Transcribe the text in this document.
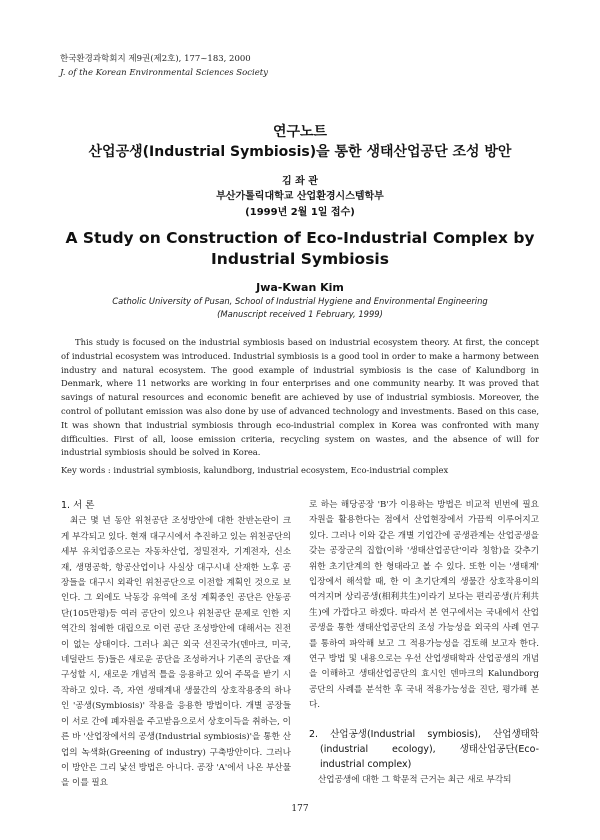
한국환경과학회지 제9권(제2호), 177~183, 2000
J. of the Korean Environmental Sciences Society
연구노트
산업공생(Industrial Symbiosis)을 통한 생태산업공단 조성 방안
김 좌 관
부산가톨릭대학교 산업환경시스템학부
(1999년 2월 1일 접수)
A Study on Construction of Eco-Industrial Complex by
Industrial Symbiosis
Jwa-Kwan Kim
Catholic University of Pusan, School of Industrial Hygiene and Environmental Engineering
(Manuscript received 1 February, 1999)
This study is focused on the industrial symbiosis based on industrial ecosystem theory. At first, the concept of industrial ecosystem was introduced. Industrial symbiosis is a good tool in order to make a harmony between industry and natural ecosystem. The good example of industrial symbiosis is the case of Kalundborg in Denmark, where 11 networks are working in four enterprises and one community nearby. It was proved that savings of natural resources and economic benefit are achieved by use of industrial symbiosis. Moreover, the control of pollutant emission was also done by use of advanced technology and investments. Based on this case, It was shown that industrial symbiosis through eco-industrial complex in Korea was confronted with many difficulties. First of all, loose emission criteria, recycling system on wastes, and the absence of will for industrial symbiosis should be solved in Korea.
Key words : industrial symbiosis, kalundborg, industrial ecosystem, Eco-industrial complex
1. 서 론

최근 몇 년 동안 위천공단 조성방안에 대한 찬반논란이 크게 부각되고 있다. 현재 대구시에서 추진하고 있는 위천공단의 세부 유치업종으로는 자동차산업, 정밀전자, 기계전자, 신소재, 생명공학, 항공산업이나 사실상 대구시내 산재한 노후 공장들을 대구시 외곽인 위천공단으로 이전할 계획인 것으로 보인다. 그 외에도 낙동강 유역에 조성 계획중인 공단은 안동공단(105만평)등 여러 공단이 있으나 위천공단 문제로 인한 지역간의 첨예한 대립으로 이런 공단 조성방안에 대해서는 진전이 없는 상태이다. 그러나 최근 외국 선진국가(덴마크, 미국, 네덜란드 등)들은 새로운 공단을 조성하거나 기존의 공단을 재구성할 시, 새로운 개념적 틀을 응용하고 있어 주목을 받기 시작하고 있다. 즉, 자연 생태계내 생물간의 상호작용중의 하나인 '공생(Symbiosis)' 작용을 응용한 방법이다. 개별 공장들이 서로 간에 폐자원을 주고받음으로서 상호이득을 취하는, 이른 바 '산업장에서의 공생(Industrial symbiosis)'을 통한 산업의 녹색화(Greening of industry) 구축방안이다. 그러나 이 방안은 그리 낯선 방법은 아니다. 공장 'A'에서 나온 부산물을 이를 필요

로 하는 해당공장 'B'가 이용하는 방법은 비교적 빈번에 필요 자원을 활용한다는 점에서 산업현장에서 가끔씩 이루어지고 있다. 그러나 이와 같은 개별 기업간에 공생관계는 산업공생을 갖는 공장군의 집합(이하 '생태산업공단'이라 칭함)을 갖추기 위한 초기단계의 한 형태라고 볼 수 있다. 또한 이는 '생태계' 입장에서 해석할 때, 한 이 초기단계의 생물간 상호작용이의 여겨지며 상리공생(相利共生)이라기 보다는 편리공생(片利共生)에 가깝다고 하겠다. 따라서 본 연구에서는 국내에서 산업공생을 통한 생태산업공단의 조성 가능성을 외국의 사례 연구를 통하여 파악해 보고 그 적용가능성을 검토해 보고자 한다. 연구 방법 및 내용으로는 우선 산업생태학과 산업공생의 개념을 이해하고 생태산업공단의 효시인 덴마크의 Kalundborg공단의 사례를 분석한 후 국내 적용가능성을 진단, 평가해 본다.

2. 산업공생(Industrial symbiosis), 산업생태학(industrial ecology), 생태산업공단(Eco-industrial complex)

산업공생에 대한 그 학문적 근거는 최근 새로 부각되

177
